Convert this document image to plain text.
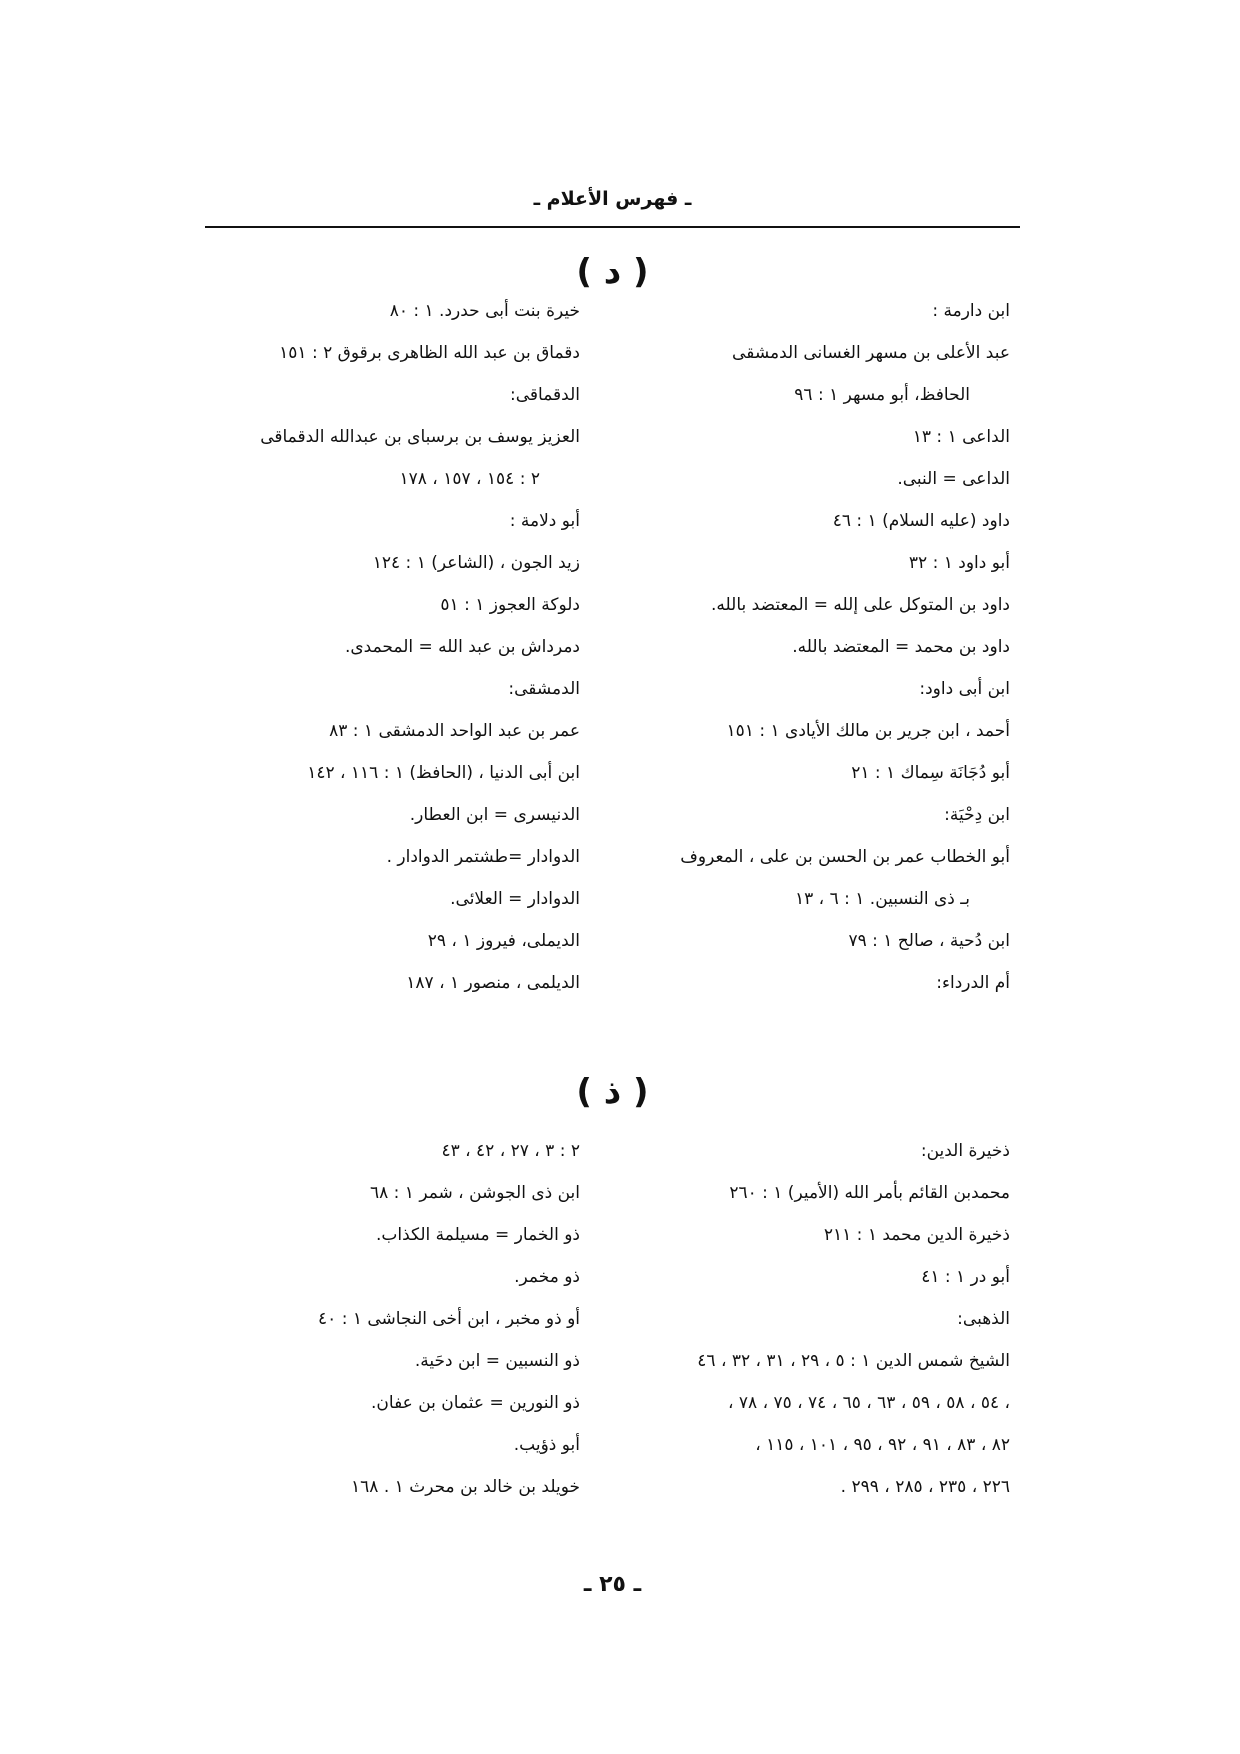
ـ فهرس الأعلام ـ
( د )
ابن دارمة :
عبد الأعلى بن مسهر الغسانى الدمشقى
الحافظ، أبو مسهر ١ : ٩٦
الداعى ١ : ١٣
الداعى = النبى.
داود (عليه السلام) ١ : ٤٦
أبو داود ١ : ٣٢
داود بن المتوكل على إلله = المعتضد بالله.
داود بن محمد = المعتضد بالله.
ابن أبى داود:
أحمد ، ابن جرير بن مالك الأيادى ١ : ١٥١
أبو دُجَانَة سِماك ١ : ٢١
ابن دِحْيَة:
أبو الخطاب عمر بن الحسن بن على ، المعروف
بـ ذى النسبين. ١ : ٦ ، ١٣
ابن دُحية ، صالح ١ : ٧٩
أم الدرداء:
خيرة بنت أبى حدرد. ١ : ٨٠
دقماق بن عبد الله الظاهرى برقوق ٢ : ١٥١
الدقماقى:
العزيز يوسف بن برسباى بن عبدالله الدقماقى
٢ : ١٥٤ ، ١٥٧ ، ١٧٨
أبو دلامة :
زيد الجون ، (الشاعر) ١ : ١٢٤
دلوكة العجوز ١ : ٥١
دمرداش بن عبد الله = المحمدى.
الدمشقى:
عمر بن عبد الواحد الدمشقى ١ : ٨٣
ابن أبى الدنيا ، (الحافظ) ١ : ١١٦ ، ١٤٢
الدنيسرى = ابن العطار.
الدوادار =طشتمر الدوادار .
الدوادار = العلائى.
الديملى، فيروز ١ ، ٢٩
الديلمى ، منصور ١ ، ١٨٧
( ذ )
ذخيرة الدين:
محمدبن القائم بأمر الله (الأمير) ١ : ٢٦٠
ذخيرة الدين محمد ١ : ٢١١
أبو در ١ : ٤١
الذهبى:
الشيخ شمس الدين ١ : ٥ ، ٢٩ ، ٣١ ، ٣٢ ، ٤٦
، ٥٤ ، ٥٨ ، ٥٩ ، ٦٣ ، ٦٥ ، ٧٤ ، ٧٥ ، ٧٨ ،
٨٢ ، ٨٣ ، ٩١ ، ٩٢ ، ٩٥ ، ١٠١ ، ١١٥ ،
٢٢٦ ، ٢٣٥ ، ٢٨٥ ، ٢٩٩ .
٢ : ٣ ، ٢٧ ، ٤٢ ، ٤٣
ابن ذى الجوشن ، شمر ١ : ٦٨
ذو الخمار = مسيلمة الكذاب.
ذو مخمر.
أو ذو مخبر ، ابن أخى النجاشى ١ : ٤٠
ذو النسبين = ابن دحَية.
ذو النورين = عثمان بن عفان.
أبو ذؤيب.
خويلد بن خالد بن محرث ١ . ١٦٨
ـ ٢٥ ـ
